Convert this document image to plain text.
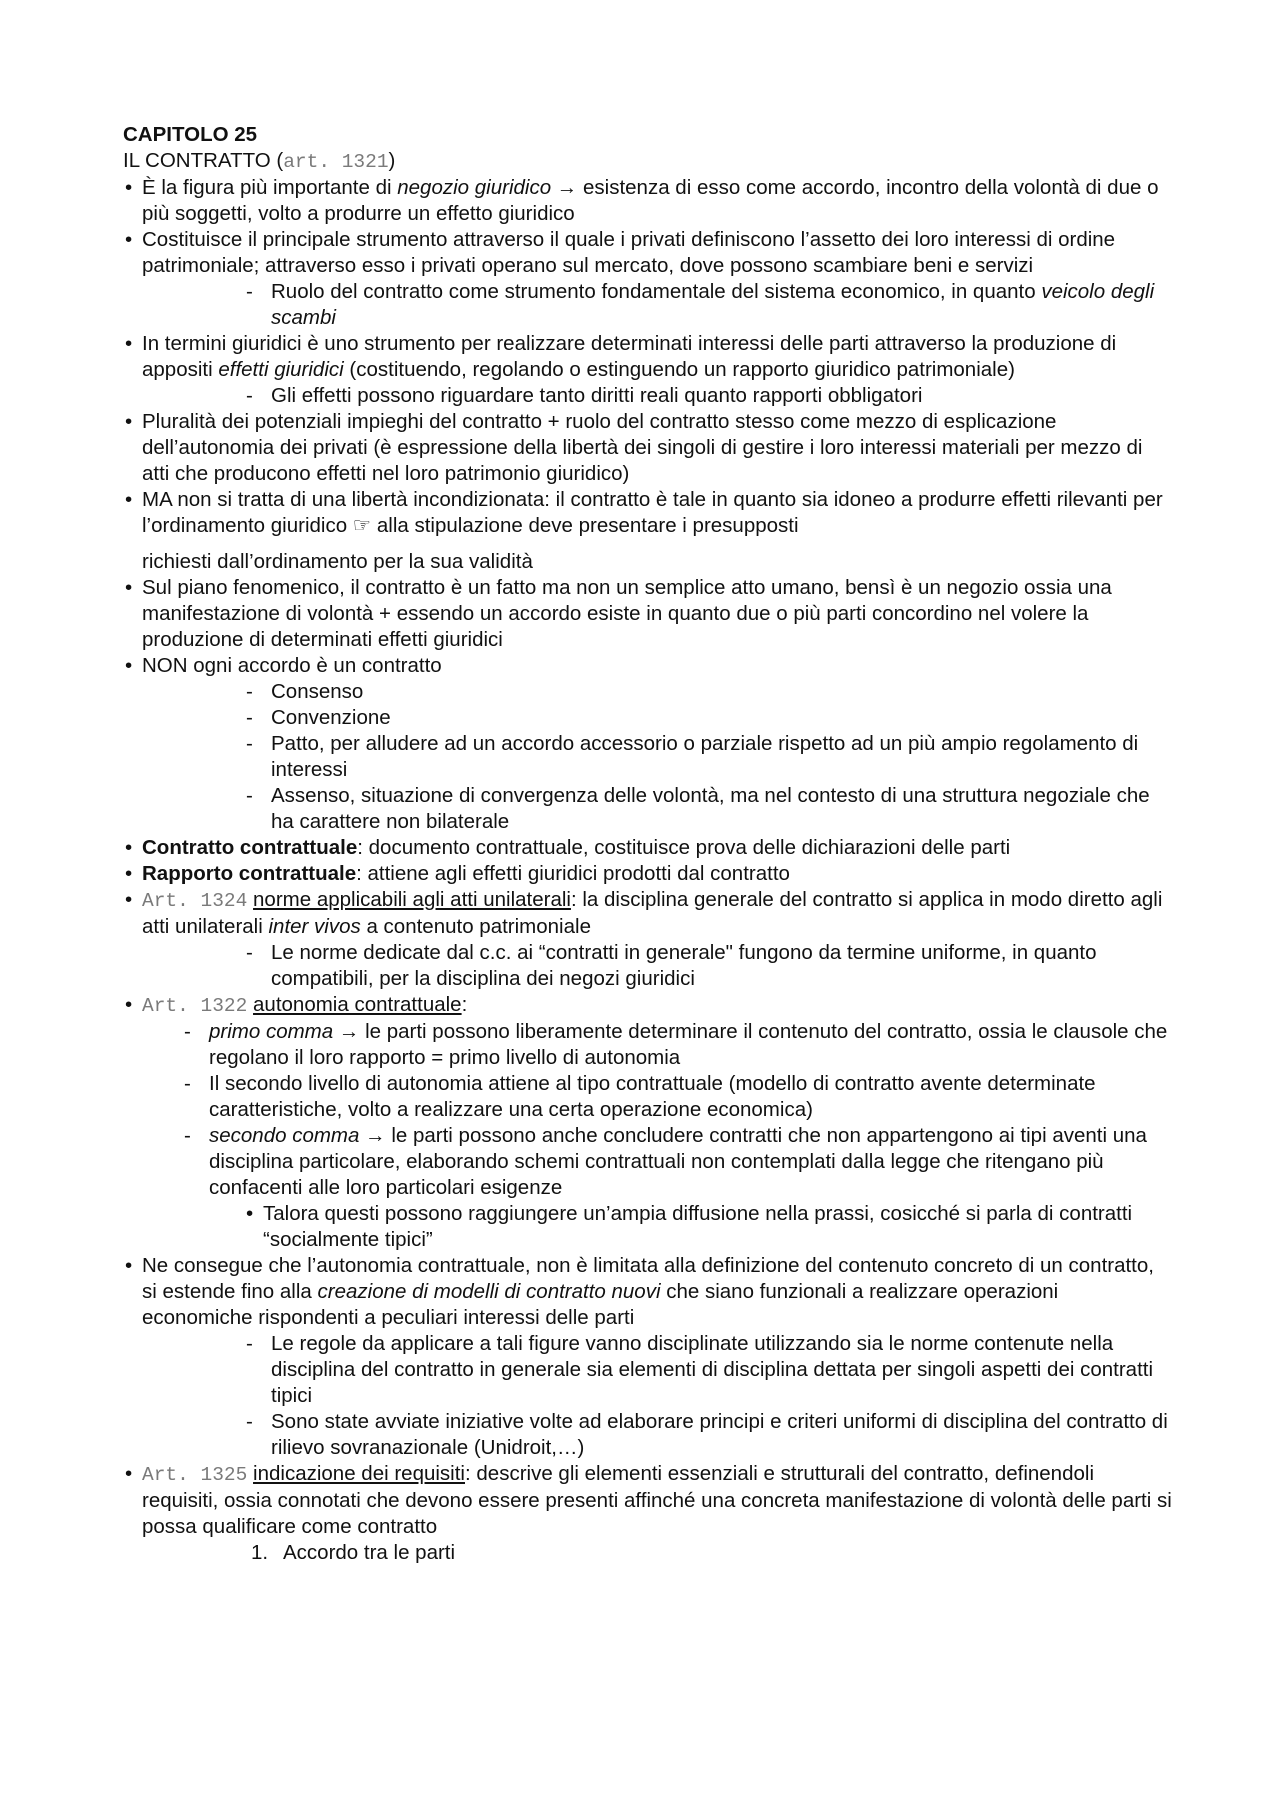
CAPITOLO 25
IL CONTRATTO (art. 1321)
• È la figura più importante di negozio giuridico → esistenza di esso come accordo, incontro della volontà di due o più soggetti, volto a produrre un effetto giuridico
• Costituisce il principale strumento attraverso il quale i privati definiscono l’assetto dei loro interessi di ordine patrimoniale; attraverso esso i privati operano sul mercato, dove possono scambiare beni e servizi
- Ruolo del contratto come strumento fondamentale del sistema economico, in quanto veicolo degli scambi
• In termini giuridici è uno strumento per realizzare determinati interessi delle parti attraverso la produzione di appositi effetti giuridici (costituendo, regolando o estinguendo un rapporto giuridico patrimoniale)
- Gli effetti possono riguardare tanto diritti reali quanto rapporti obbligatori
• Pluralità dei potenziali impieghi del contratto + ruolo del contratto stesso come mezzo di esplicazione dell’autonomia dei privati (è espressione della libertà dei singoli di gestire i loro interessi materiali per mezzo di atti che producono effetti nel loro patrimonio giuridico)
• MA non si tratta di una libertà incondizionata: il contratto è tale in quanto sia idoneo a produrre effetti rilevanti per l’ordinamento giuridico ☞ alla stipulazione deve presentare i presupposti
richiesti dall’ordinamento per la sua validità
• Sul piano fenomenico, il contratto è un fatto ma non un semplice atto umano, bensì è un negozio ossia una manifestazione di volontà + essendo un accordo esiste in quanto due o più parti concordino nel volere la produzione di determinati effetti giuridici
• NON ogni accordo è un contratto
- Consenso
- Convenzione
- Patto, per alludere ad un accordo accessorio o parziale rispetto ad un più ampio regolamento di interessi
- Assenso, situazione di convergenza delle volontà, ma nel contesto di una struttura negoziale che ha carattere non bilaterale
• Contratto contrattuale: documento contrattuale, costituisce prova delle dichiarazioni delle parti
• Rapporto contrattuale: attiene agli effetti giuridici prodotti dal contratto
• Art. 1324 norme applicabili agli atti unilaterali: la disciplina generale del contratto si applica in modo diretto agli atti unilaterali inter vivos a contenuto patrimoniale
- Le norme dedicate dal c.c. ai “contratti in generale" fungono da termine uniforme, in quanto compatibili, per la disciplina dei negozi giuridici
• Art. 1322 autonomia contrattuale:
- primo comma → le parti possono liberamente determinare il contenuto del contratto, ossia le clausole che regolano il loro rapporto = primo livello di autonomia
- Il secondo livello di autonomia attiene al tipo contrattuale (modello di contratto avente determinate caratteristiche, volto a realizzare una certa operazione economica)
- secondo comma → le parti possono anche concludere contratti che non appartengono ai tipi aventi una disciplina particolare, elaborando schemi contrattuali non contemplati dalla legge che ritengano più confacenti alle loro particolari esigenze
• Talora questi possono raggiungere un’ampia diffusione nella prassi, cosicché si parla di contratti “socialmente tipici”
• Ne consegue che l’autonomia contrattuale, non è limitata alla definizione del contenuto concreto di un contratto, si estende fino alla creazione di modelli di contratto nuovi che siano funzionali a realizzare operazioni economiche rispondenti a peculiari interessi delle parti
- Le regole da applicare a tali figure vanno disciplinate utilizzando sia le norme contenute nella disciplina del contratto in generale sia elementi di disciplina dettata per singoli aspetti dei contratti tipici
- Sono state avviate iniziative volte ad elaborare principi e criteri uniformi di disciplina del contratto di rilievo sovranazionale (Unidroit,…)
• Art. 1325 indicazione dei requisiti: descrive gli elementi essenziali e strutturali del contratto, definendoli requisiti, ossia connotati che devono essere presenti affinché una concreta manifestazione di volontà delle parti si possa qualificare come contratto
1. Accordo tra le parti
